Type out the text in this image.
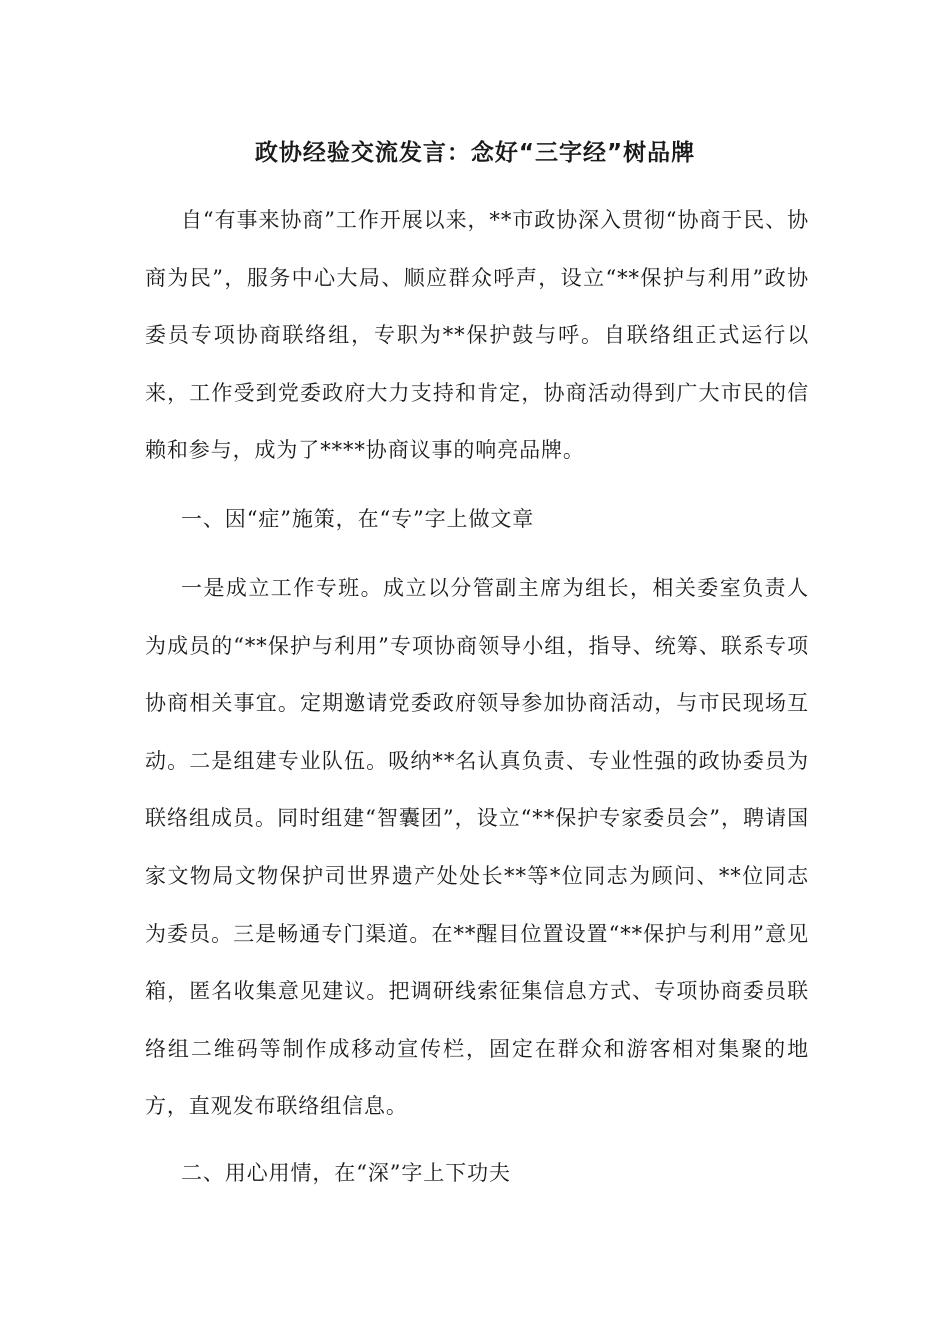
政协经验交流发言：念好“三字经”树品牌

自“有事来协商”工作开展以来，**市政协深入贯彻“协商于民、协商为民”，服务中心大局、顺应群众呼声，设立“**保护与利用”政协委员专项协商联络组，专职为**保护鼓与呼。自联络组正式运行以来，工作受到党委政府大力支持和肯定，协商活动得到广大市民的信赖和参与，成为了****协商议事的响亮品牌。

一、因“症”施策，在“专”字上做文章

一是成立工作专班。成立以分管副主席为组长，相关委室负责人为成员的“**保护与利用”专项协商领导小组，指导、统筹、联系专项协商相关事宜。定期邀请党委政府领导参加协商活动，与市民现场互动。二是组建专业队伍。吸纳**名认真负责、专业性强的政协委员为联络组成员。同时组建“智囊团”，设立“**保护专家委员会”，聘请国家文物局文物保护司世界遗产处处长**等*位同志为顾问、**位同志为委员。三是畅通专门渠道。在**醒目位置设置“**保护与利用”意见箱，匿名收集意见建议。把调研线索征集信息方式、专项协商委员联络组二维码等制作成移动宣传栏，固定在群众和游客相对集聚的地方，直观发布联络组信息。

二、用心用情，在“深”字上下功夫
